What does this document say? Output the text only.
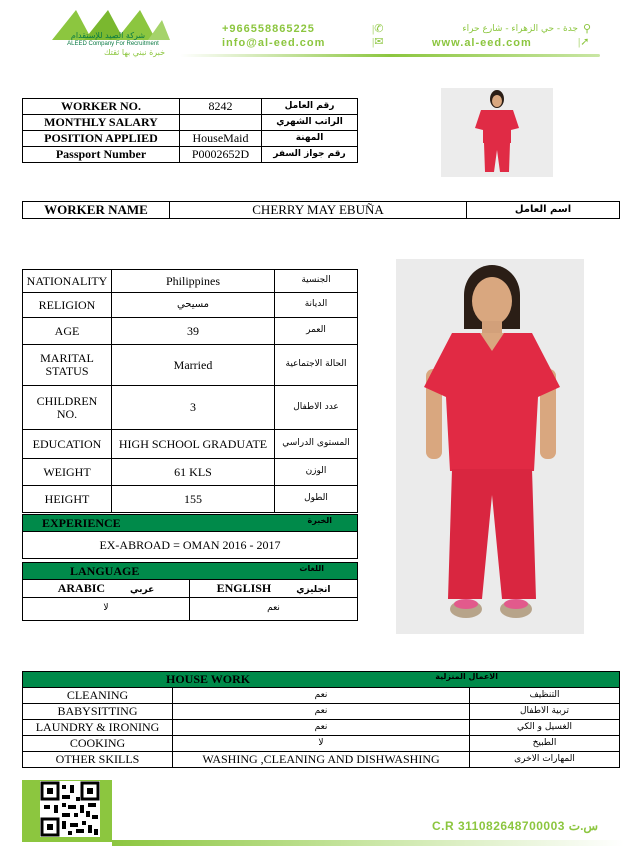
شركة الصيد للإستقدام
ALEED Company For Recruitment
خبرة نبني بها ثقتك
+966558865225	|✆	جدة - حي الزهراء - شارع حراء ⚲
info@al-eed.com	|✉	www.al-eed.com	|➚
WORKER NO.	8242	رقم العامل
MONTHLY SALARY		الراتب الشهري
POSITION APPLIED	HouseMaid	المهنة
Passport Number	P0002652D	رقم جواز السفر
WORKER NAME	CHERRY MAY EBUÑA	اسم العامل
NATIONALITY	Philippines	الجنسية
RELIGION	مسيحي	الديانة
AGE	39	العمر
MARITAL STATUS	Married	الحالة الاجتماعية
CHILDREN NO.	3	عدد الاطفال
EDUCATION	HIGH SCHOOL GRADUATE	المستوى الدراسي
WEIGHT	61 KLS	الوزن
HEIGHT	155	الطول
EXPERIENCE	الخبرة

EX-ABROAD = OMAN 2016 - 2017
LANGUAGE اللغات	

ARABIC عربي	ENGLISH انجليزي
لا	نعم
HOUSE WORK الاعمال المنزلية		

CLEANING	نعم	التنظيف
BABYSITTING	نعم	تربية الاطفال
LAUNDRY & IRONING	نعم	الغسيل و الكي
COOKING	لا	الطبيخ
OTHER SKILLS	WASHING ,CLEANING AND DISHWASHING	المهارات الاخرى
C.R 311082648700003 س.ت
